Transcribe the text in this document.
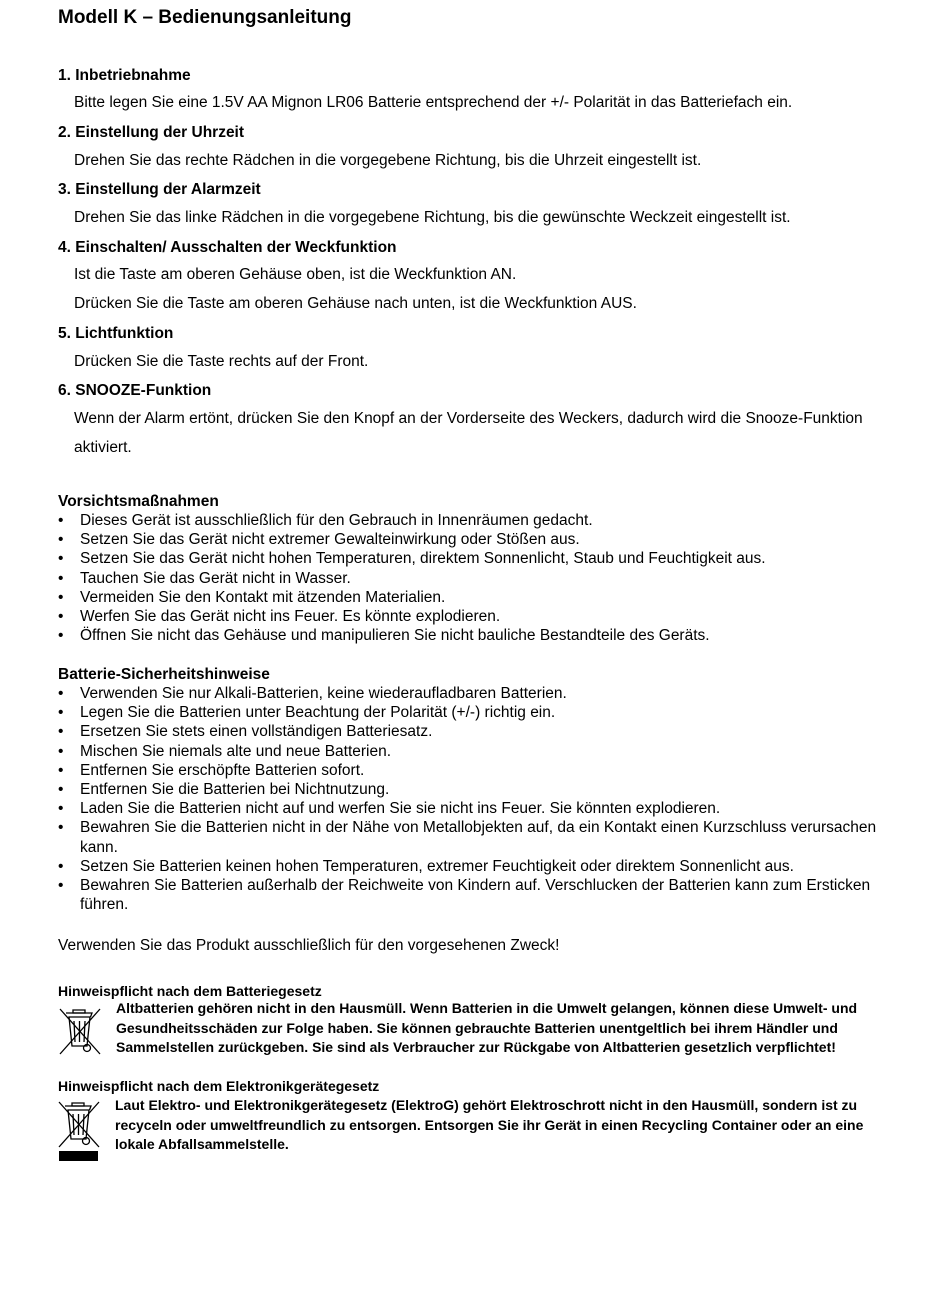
Modell K – Bedienungsanleitung
1. Inbetriebnahme

Bitte legen Sie eine 1.5V AA Mignon LR06 Batterie entsprechend der +/- Polarität in das Batteriefach ein.

2. Einstellung der Uhrzeit

Drehen Sie das rechte Rädchen in die vorgegebene Richtung, bis die Uhrzeit eingestellt ist.

3. Einstellung der Alarmzeit

Drehen Sie das linke Rädchen in die vorgegebene Richtung, bis die gewünschte Weckzeit eingestellt ist.

4. Einschalten/ Ausschalten der Weckfunktion

Ist die Taste am oberen Gehäuse oben, ist die Weckfunktion AN.

Drücken Sie die Taste am oberen Gehäuse nach unten, ist die Weckfunktion AUS.

5. Lichtfunktion

Drücken Sie die Taste rechts auf der Front.

6. SNOOZE-Funktion

Wenn der Alarm ertönt, drücken Sie den Knopf an der Vorderseite des Weckers, dadurch wird die Snooze-Funktion aktiviert.

Vorsichtsmaßnahmen
•	Dieses Gerät ist ausschließlich für den Gebrauch in Innenräumen gedacht.
•	Setzen Sie das Gerät nicht extremer Gewalteinwirkung oder Stößen aus.
•	Setzen Sie das Gerät nicht hohen Temperaturen, direktem Sonnenlicht, Staub und Feuchtigkeit aus.
•	Tauchen Sie das Gerät nicht in Wasser.
•	Vermeiden Sie den Kontakt mit ätzenden Materialien.
•	Werfen Sie das Gerät nicht ins Feuer. Es könnte explodieren.
•	Öffnen Sie nicht das Gehäuse und manipulieren Sie nicht bauliche Bestandteile des Geräts.
Batterie-Sicherheitshinweise
•	Verwenden Sie nur Alkali-Batterien, keine wiederaufladbaren Batterien.
•	Legen Sie die Batterien unter Beachtung der Polarität (+/-) richtig ein.
•	Ersetzen Sie stets einen vollständigen Batteriesatz.
•	Mischen Sie niemals alte und neue Batterien.
•	Entfernen Sie erschöpfte Batterien sofort.
•	Entfernen Sie die Batterien bei Nichtnutzung.
•	Laden Sie die Batterien nicht auf und werfen Sie sie nicht ins Feuer. Sie könnten explodieren.
•	Bewahren Sie die Batterien nicht in der Nähe von Metallobjekten auf, da ein Kontakt einen Kurzschluss verursachen kann.
•	Setzen Sie Batterien keinen hohen Temperaturen, extremer Feuchtigkeit oder direktem Sonnenlicht aus.
•	Bewahren Sie Batterien außerhalb der Reichweite von Kindern auf. Verschlucken der Batterien kann zum Ersticken führen.

Verwenden Sie das Produkt ausschließlich für den vorgesehenen Zweck!

Hinweispflicht nach dem Batteriegesetz

Altbatterien gehören nicht in den Hausmüll. Wenn Batterien in die Umwelt gelangen, können diese Umwelt- und Gesundheitsschäden zur Folge haben. Sie können gebrauchte Batterien unentgeltlich bei ihrem Händler und Sammelstellen zurückgeben. Sie sind als Verbraucher zur Rückgabe von Altbatterien gesetzlich verpflichtet!

Hinweispflicht nach dem Elektronikgerätegesetz

Laut Elektro- und Elektronikgerätegesetz (ElektroG) gehört Elektroschrott nicht in den Hausmüll, sondern ist zu recyceln oder umweltfreundlich zu entsorgen. Entsorgen Sie ihr Gerät in einen Recycling Container oder an eine lokale Abfallsammelstelle.
